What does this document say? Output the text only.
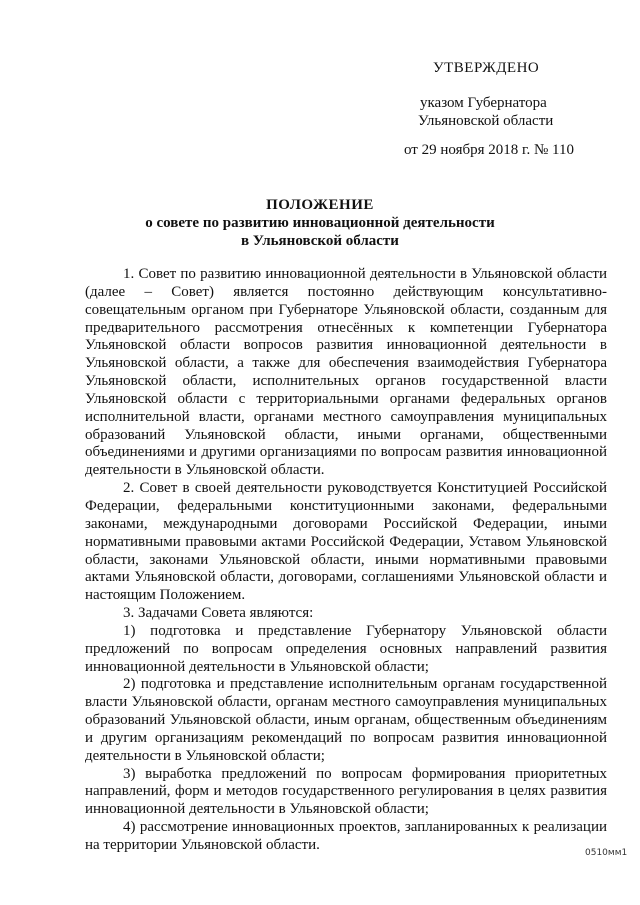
УТВЕРЖДЕНО
указом Губернатора
Ульяновской области
от 29 ноября 2018 г. № 110
ПОЛОЖЕНИЕ
о совете по развитию инновационной деятельности
в Ульяновской области

1. Совет по развитию инновационной деятельности в Ульяновской области (далее – Совет) является постоянно действующим консультативно-совещательным органом при Губернаторе Ульяновской области, созданным для предварительного рассмотрения отнесённых к компетенции Губернатора Ульяновской области вопросов развития инновационной деятельности в Ульяновской области, а также для обеспечения взаимодействия Губернатора Ульяновской области, исполнительных органов государственной власти Ульяновской области с территориальными органами федеральных органов исполнительной власти, органами местного самоуправления муниципальных образований Ульяновской области, иными органами, общественными объединениями и другими организациями по вопросам развития инновационной деятельности в Ульяновской области.

2. Совет в своей деятельности руководствуется Конституцией Российской Федерации, федеральными конституционными законами, федеральными законами, международными договорами Российской Федерации, иными нормативными правовыми актами Российской Федерации, Уставом Ульяновской области, законами Ульяновской области, иными нормативными правовыми актами Ульяновской области, договорами, соглашениями Ульяновской области и настоящим Положением.

3. Задачами Совета являются:

1) подготовка и представление Губернатору Ульяновской области предложений по вопросам определения основных направлений развития инновационной деятельности в Ульяновской области;

2) подготовка и представление исполнительным органам государственной власти Ульяновской области, органам местного самоуправления муниципальных образований Ульяновской области, иным органам, общественным объединениям и другим организациям рекомендаций по вопросам развития инновационной деятельности в Ульяновской области;

3) выработка предложений по вопросам формирования приоритетных направлений, форм и методов государственного регулирования в целях развития инновационной деятельности в Ульяновской области;

4) рассмотрение инновационных проектов, запланированных к реализации на территории Ульяновской области.	0510мм1
